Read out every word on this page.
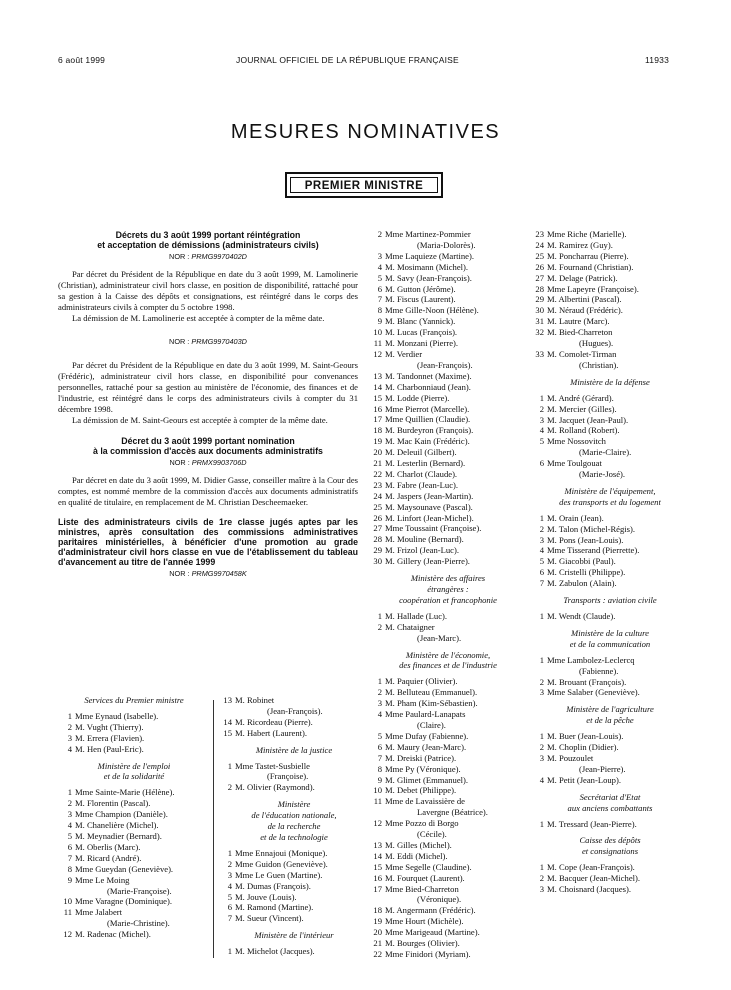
6 août 1999	JOURNAL OFFICIEL DE LA RÉPUBLIQUE FRANÇAISE	11933
MESURES NOMINATIVES
PREMIER MINISTRE

Décrets du 3 août 1999 portant réintégration

et acceptation de démissions (administrateurs civils)

NOR : PRMG9970402D

Par décret du Président de la République en date du 3 août 1999, M. Lamolinerie (Christian), administrateur civil hors classe, en position de disponibilité, rattaché pour sa gestion à la Caisse des dépôts et consignations, est réintégré dans le corps des administrateurs civils à compter du 5 octobre 1998.

La démission de M. Lamolinerie est acceptée à compter de la même date.

NOR : PRMG9970403D

Par décret du Président de la République en date du 3 août 1999, M. Saint-Geours (Frédéric), administrateur civil hors classe, en disponibilité pour convenances personnelles, rattaché pour sa gestion au ministère de l'économie, des finances et de l'industrie, est réintégré dans le corps des administrateurs civils à compter du 31 décembre 1998.

La démission de M. Saint-Geours est acceptée à compter de la même date.

Décret du 3 août 1999 portant nomination

à la commission d'accès aux documents administratifs

NOR : PRMX9903706D

Par décret en date du 3 août 1999, M. Didier Gasse, conseiller maître à la Cour des comptes, est nommé membre de la commission d'accès aux documents administratifs en qualité de titulaire, en remplacement de M. Christian Descheemaeker.

Liste des administrateurs civils de 1re classe jugés aptes par les ministres, après consultation des commissions administratives paritaires ministérielles, à bénéficier d'une promotion au grade d'administrateur civil hors classe en vue de l'établissement du tableau d'avancement au titre de l'année 1999

NOR : PRMG9970458K
Services du Premier ministre
1 Mme Eynaud (Isabelle).
2 M. Vught (Thierry).
3 M. Errera (Flavien).
4 M. Hen (Paul-Eric).
Ministère de l'emploi
et de la solidarité
1 Mme Sainte-Marie (Hélène).
2 M. Florentin (Pascal).
3 Mme Champion (Danièle).
4 M. Chanelière (Michel).
5 M. Meynadier (Bernard).
6 M. Oberlis (Marc).
7 M. Ricard (André).
8 Mme Gueydan (Geneviève).
9 Mme Le Moing
(Marie-Françoise).
10 Mme Varagne (Dominique).
11 Mme Jalabert
(Marie-Christine).
12 M. Radenac (Michel).
13 M. Robinet
(Jean-François).
14 M. Ricordeau (Pierre).
15 M. Habert (Laurent).
Ministère de la justice
1 Mme Tastet-Susbielle
(Françoise).
2 M. Olivier (Raymond).
Ministère
de l'éducation nationale,
de la recherche
et de la technologie
1 Mme Ennajoui (Monique).
2 Mme Guidon (Geneviève).
3 Mme Le Guen (Martine).
4 M. Dumas (François).
5 M. Jouve (Louis).
6 M. Ramond (Martine).
7 M. Sueur (Vincent).
Ministère de l'intérieur
1 M. Michelot (Jacques).
2 Mme Martinez-Pommier
(Maria-Dolorès).
3 Mme Laquieze (Martine).
4 M. Mosimann (Michel).
5 M. Savy (Jean-François).
6 M. Gutton (Jérôme).
7 M. Fiscus (Laurent).
8 Mme Gille-Noon (Hélène).
9 M. Blanc (Yannick).
10 M. Lucas (François).
11 M. Monzani (Pierre).
12 M. Verdier
(Jean-François).
13 M. Tandonnet (Maxime).
14 M. Charbonniaud (Jean).
15 M. Lodde (Pierre).
16 Mme Pierrot (Marcelle).
17 Mme Quillien (Claudie).
18 M. Burdeyron (François).
19 M. Mac Kain (Frédéric).
20 M. Deleuil (Gilbert).
21 M. Lesterlin (Bernard).
22 M. Charlot (Claude).
23 M. Fabre (Jean-Luc).
24 M. Jaspers (Jean-Martin).
25 M. Maysounave (Pascal).
26 M. Linfort (Jean-Michel).
27 Mme Toussaint (Françoise).
28 M. Mouline (Bernard).
29 M. Frizol (Jean-Luc).
30 M. Gillery (Jean-Pierre).
Ministère des affaires
étrangères :
coopération et francophonie
1 M. Hallade (Luc).
2 M. Chataigner
(Jean-Marc).
Ministère de l'économie,
des finances et de l'industrie
1 M. Paquier (Olivier).
2 M. Belluteau (Emmanuel).
3 M. Pham (Kim-Sébastien).
4 Mme Paulard-Lanapats
(Claire).
5 Mme Dufay (Fabienne).
6 M. Maury (Jean-Marc).
7 M. Dreiski (Patrice).
8 Mme Py (Véronique).
9 M. Glimet (Emmanuel).
10 M. Debet (Philippe).
11 Mme de Lavaissière de
Lavergne (Béatrice).
12 Mme Pozzo di Borgo
(Cécile).
13 M. Gilles (Michel).
14 M. Eddi (Michel).
15 Mme Segelle (Claudine).
16 M. Fourquet (Laurent).
17 Mme Bied-Charreton
(Véronique).
18 M. Angermann (Frédéric).
19 Mme Hourt (Michèle).
20 Mme Marigeaud (Martine).
21 M. Bourges (Olivier).
22 Mme Finidori (Myriam).
23 Mme Riche (Marielle).
24 M. Ramirez (Guy).
25 M. Poncharrau (Pierre).
26 M. Fournand (Christian).
27 M. Delage (Patrick).
28 Mme Lapeyre (Françoise).
29 M. Albertini (Pascal).
30 M. Néraud (Frédéric).
31 M. Lautre (Marc).
32 M. Bied-Charreton
(Hugues).
33 M. Comolet-Tirman
(Christian).
Ministère de la défense
1 M. André (Gérard).
2 M. Mercier (Gilles).
3 M. Jacquet (Jean-Paul).
4 M. Rolland (Robert).
5 Mme Nossovitch
(Marie-Claire).
6 Mme Toulgouat
(Marie-José).
Ministère de l'équipement,
des transports et du logement
1 M. Orain (Jean).
2 M. Talon (Michel-Régis).
3 M. Pons (Jean-Louis).
4 Mme Tisserand (Pierrette).
5 M. Giacobbi (Paul).
6 M. Cristelli (Philippe).
7 M. Zabulon (Alain).
Transports : aviation civile
1 M. Wendt (Claude).
Ministère de la culture
et de la communication
1 Mme Lambolez-Leclercq
(Fabienne).
2 M. Brouant (François).
3 Mme Salaber (Geneviève).
Ministère de l'agriculture
et de la pêche
1 M. Buer (Jean-Louis).
2 M. Choplin (Didier).
3 M. Pouzoulet
(Jean-Pierre).
4 M. Petit (Jean-Loup).
Secrétariat d'Etat
aux anciens combattants
1 M. Tressard (Jean-Pierre).
Caisse des dépôts
et consignations
1 M. Cope (Jean-François).
2 M. Bacquer (Jean-Michel).
3 M. Choisnard (Jacques).
